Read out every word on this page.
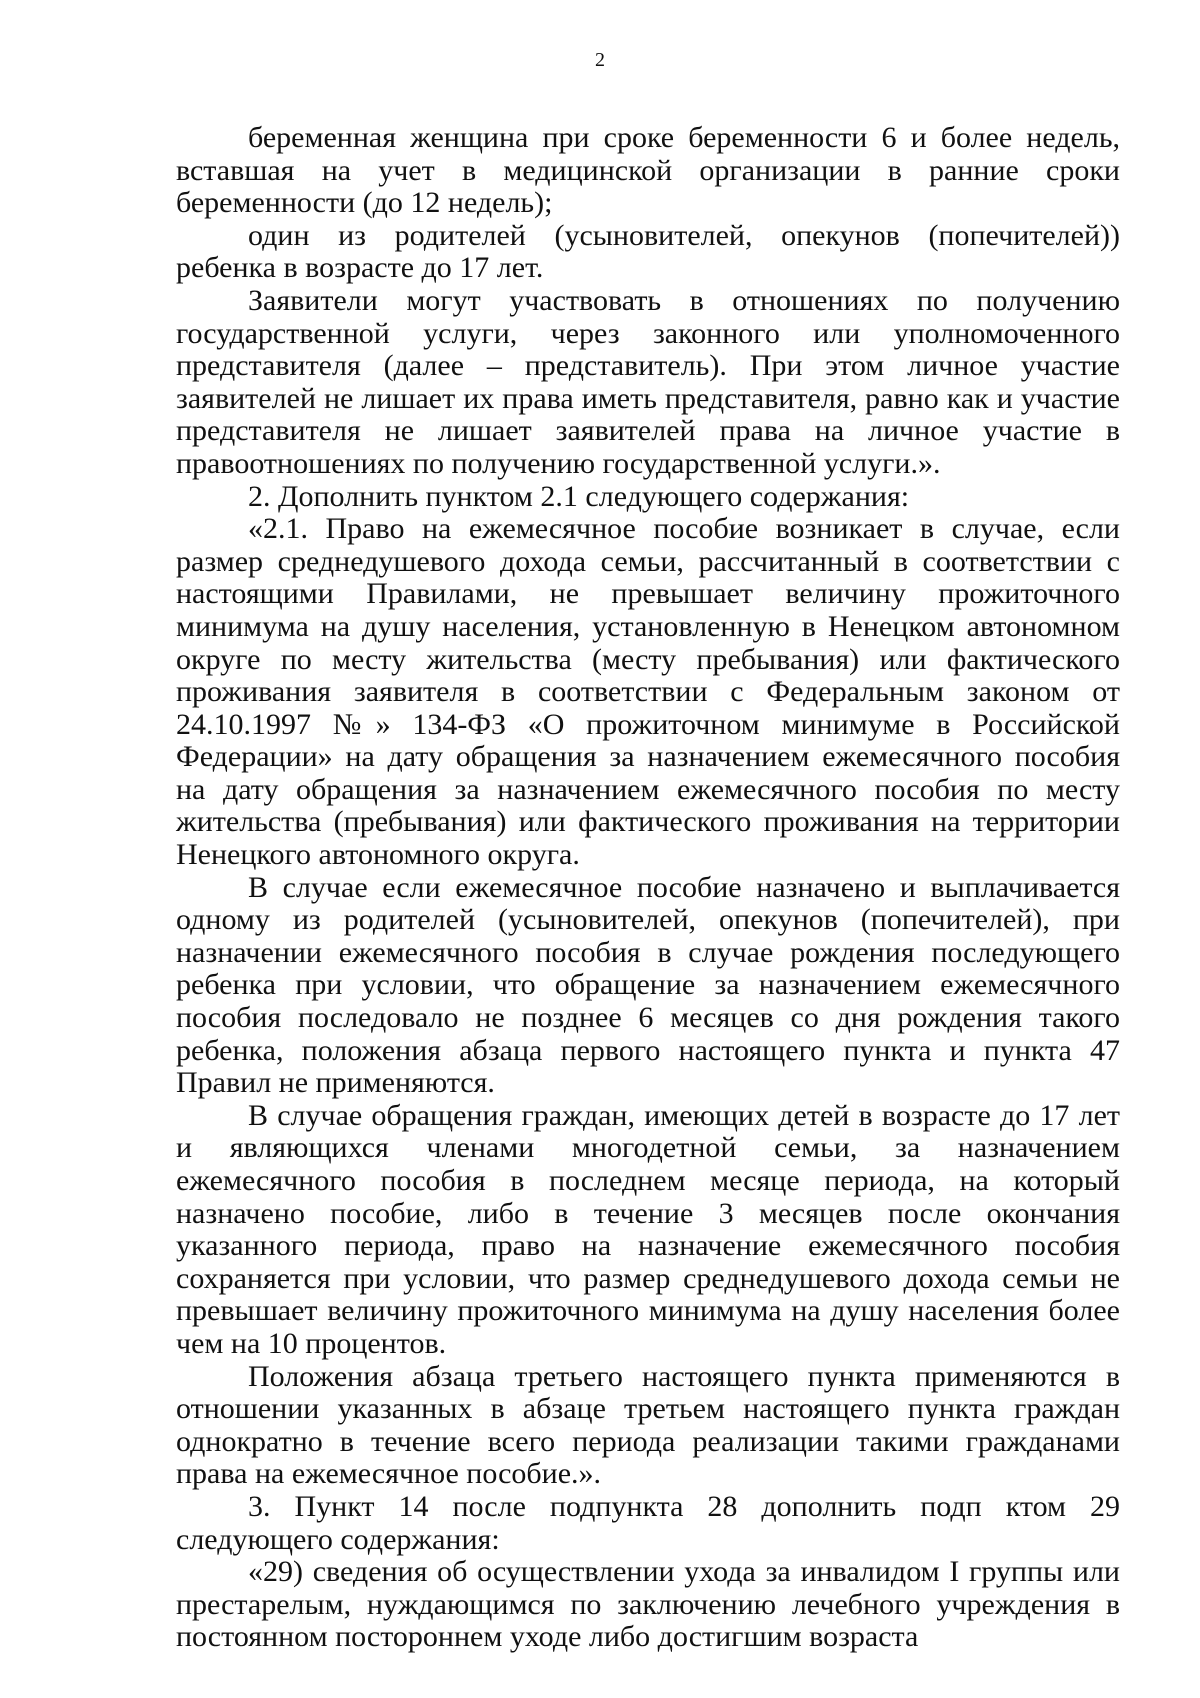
2

беременная женщина при сроке беременности 6 и более недель, вставшая на учет в медицинской организации в ранние сроки беременности (до 12 недель);

один из родителей (усыновителей, опекунов (попечителей)) ребенка в возрасте до 17 лет.

Заявители могут участвовать в отношениях по получению государственной услуги, через законного или уполномоченного представителя (далее – представитель). При этом личное участие заявителей не лишает их права иметь представителя, равно как и участие представителя не лишает заявителей права на личное участие в правоотношениях по получению государственной услуги.».

2. Дополнить пунктом 2.1 следующего содержания:

«2.1. Право на ежемесячное пособие возникает в случае, если размер среднедушевого дохода семьи, рассчитанный в соответствии с настоящими Правилами, не превышает величину прожиточного минимума на душу населения, установленную в Ненецком автономном округе по месту жительства (месту пребывания) или фактического проживания заявителя в соответствии с Федеральным законом от 24.10.1997 №» 134-ФЗ «О прожиточном минимуме в Российской Федерации» на дату обращения за назначением ежемесячного пособия на дату обращения за назначением ежемесячного пособия по месту жительства (пребывания) или фактического проживания на территории Ненецкого автономного округа.

В случае если ежемесячное пособие назначено и выплачивается одному из родителей (усыновителей, опекунов (попечителей), при назначении ежемесячного пособия в случае рождения последующего ребенка при условии, что обращение за назначением ежемесячного пособия последовало не позднее 6 месяцев со дня рождения такого ребенка, положения абзаца первого настоящего пункта и пункта 47 Правил не применяются.

В случае обращения граждан, имеющих детей в возрасте до 17 лет и являющихся членами многодетной семьи, за назначением ежемесячного пособия в последнем месяце периода, на который назначено пособие, либо в течение 3 месяцев после окончания указанного периода, право на назначение ежемесячного пособия сохраняется при условии, что размер среднедушевого дохода семьи не превышает величину прожиточного минимума на душу населения более чем на 10 процентов.

Положения абзаца третьего настоящего пункта применяются в отношении указанных в абзаце третьем настоящего пункта граждан однократно в течение всего периода реализации такими гражданами права на ежемесячное пособие.».

3. Пункт 14 после подпункта 28 дополнить подп ктом 29 следующего содержания:

«29) сведения об осуществлении ухода за инвалидом I группы или престарелым, нуждающимся по заключению лечебного учреждения в постоянном постороннем уходе либо достигшим возраста
